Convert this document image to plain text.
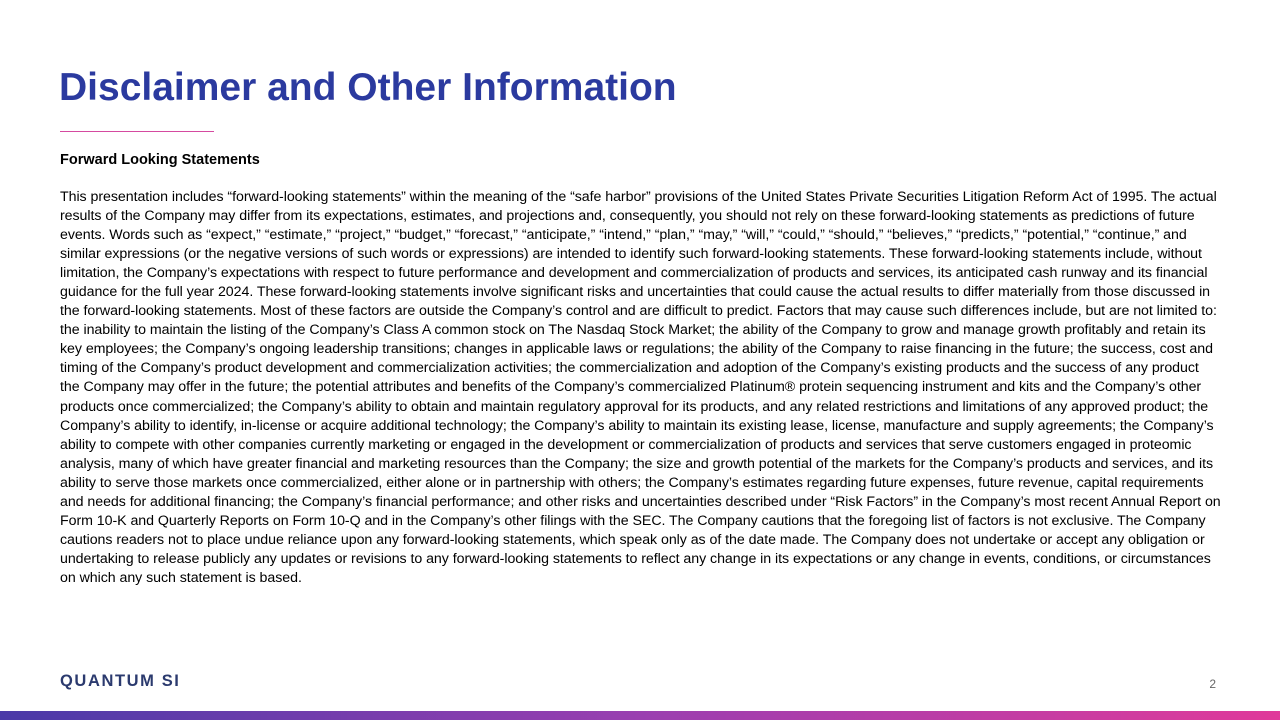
Disclaimer and Other Information
Forward Looking Statements

This presentation includes “forward-looking statements” within the meaning of the “safe harbor” provisions of the United States Private Securities Litigation Reform Act of 1995. The actual results of the Company may differ from its expectations, estimates, and projections and, consequently, you should not rely on these forward-looking statements as predictions of future events. Words such as “expect,” “estimate,” “project,” “budget,” “forecast,” “anticipate,” “intend,” “plan,” “may,” “will,” “could,” “should,” “believes,” “predicts,” “potential,” “continue,” and similar expressions (or the negative versions of such words or expressions) are intended to identify such forward-looking statements. These forward-looking statements include, without limitation, the Company’s expectations with respect to future performance and development and commercialization of products and services, its anticipated cash runway and its financial guidance for the full year 2024. These forward-looking statements involve significant risks and uncertainties that could cause the actual results to differ materially from those discussed in the forward-looking statements. Most of these factors are outside the Company’s control and are difficult to predict. Factors that may cause such differences include, but are not limited to: the inability to maintain the listing of the Company’s Class A common stock on The Nasdaq Stock Market; the ability of the Company to grow and manage growth profitably and retain its key employees; the Company’s ongoing leadership transitions; changes in applicable laws or regulations; the ability of the Company to raise financing in the future; the success, cost and timing of the Company’s product development and commercialization activities; the commercialization and adoption of the Company’s existing products and the success of any product the Company may offer in the future; the potential attributes and benefits of the Company’s commercialized Platinum® protein sequencing instrument and kits and the Company’s other products once commercialized; the Company’s ability to obtain and maintain regulatory approval for its products, and any related restrictions and limitations of any approved product; the Company’s ability to identify, in-license or acquire additional technology; the Company’s ability to maintain its existing lease, license, manufacture and supply agreements; the Company’s ability to compete with other companies currently marketing or engaged in the development or commercialization of products and services that serve customers engaged in proteomic analysis, many of which have greater financial and marketing resources than the Company; the size and growth potential of the markets for the Company’s products and services, and its ability to serve those markets once commercialized, either alone or in partnership with others; the Company’s estimates regarding future expenses, future revenue, capital requirements and needs for additional financing; the Company’s financial performance; and other risks and uncertainties described under “Risk Factors” in the Company’s most recent Annual Report on Form 10-K and Quarterly Reports on Form 10-Q and in the Company’s other filings with the SEC. The Company cautions that the foregoing list of factors is not exclusive. The Company cautions readers not to place undue reliance upon any forward-looking statements, which speak only as of the date made. The Company does not undertake or accept any obligation or undertaking to release publicly any updates or revisions to any forward-looking statements to reflect any change in its expectations or any change in events, conditions, or circumstances on which any such statement is based.

QUANTUM SI	2
